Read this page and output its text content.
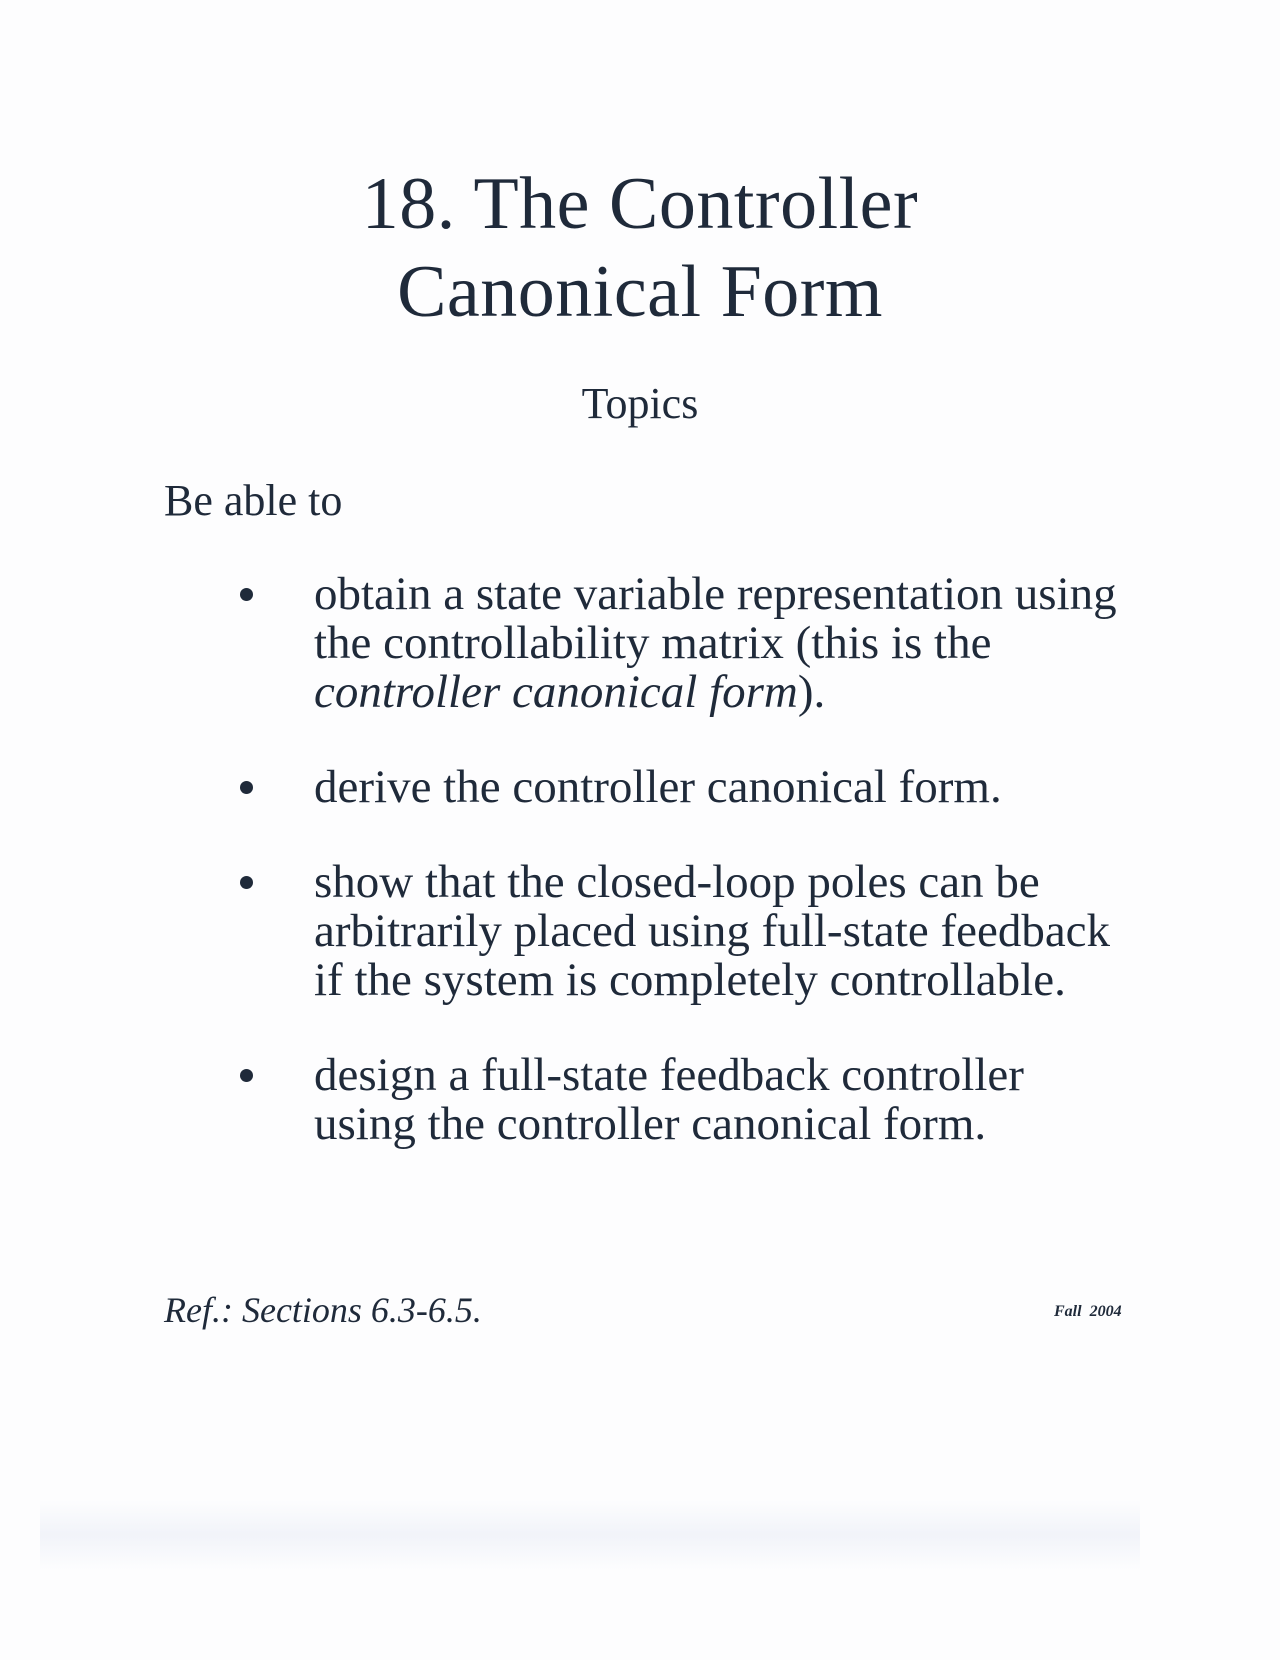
18. The Controller
Canonical Form
Topics
Be able to
obtain a state variable representation using the controllability matrix (this is the controller canonical form).
derive the controller canonical form.
show that the closed-loop poles can be arbitrarily placed using full-state feedback if the system is completely controllable.
design a full-state feedback controller using the controller canonical form.
Ref.: Sections 6.3-6.5.	Fall 2004
